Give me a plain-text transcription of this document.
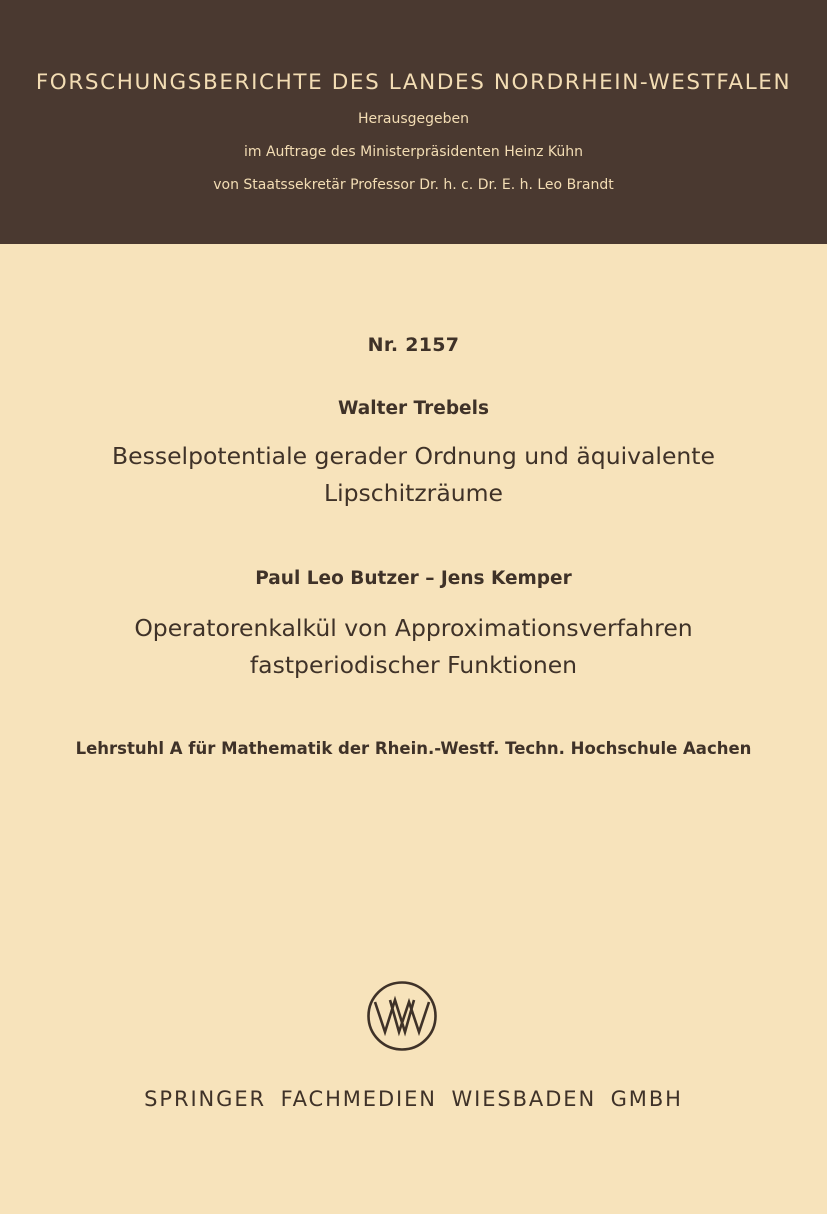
FORSCHUNGSBERICHTE DES LANDES NORDRHEIN-WESTFALEN
Herausgegeben
im Auftrage des Ministerpräsidenten Heinz Kühn
von Staatssekretär Professor Dr. h. c. Dr. E. h. Leo Brandt
Nr. 2157
Walter Trebels
Besselpotentiale gerader Ordnung und äquivalente
Lipschitzräume
Paul Leo Butzer – Jens Kemper
Operatorenkalkül von Approximationsverfahren
fastperiodischer Funktionen
Lehrstuhl A für Mathematik der Rhein.-Westf. Techn. Hochschule Aachen
SPRINGER FACHMEDIEN WIESBADEN GMBH
